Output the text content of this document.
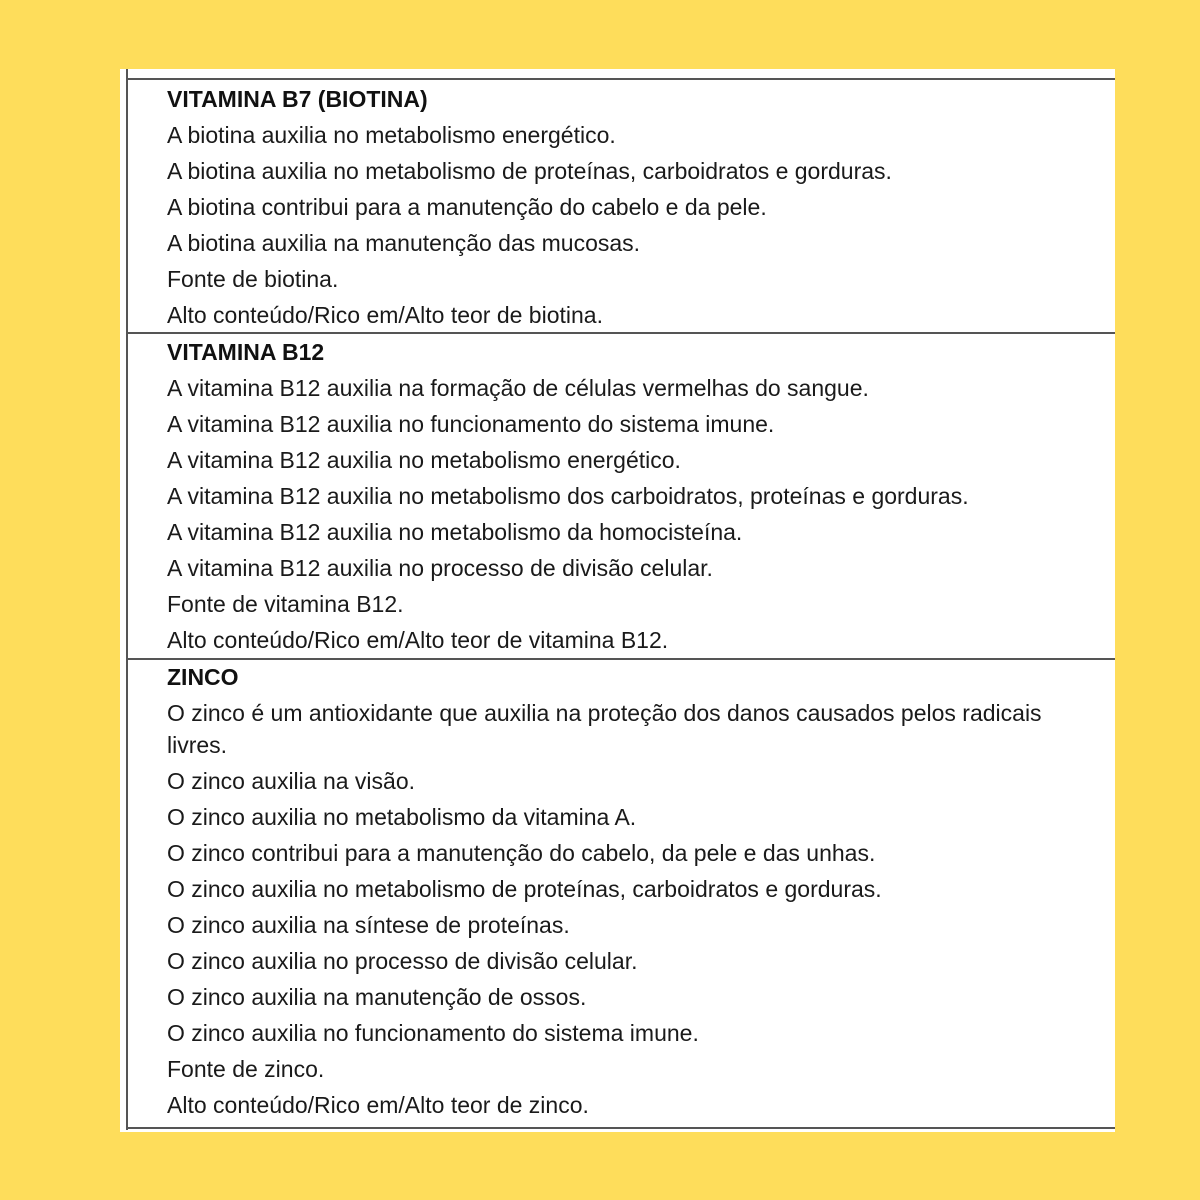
VITAMINA B7 (BIOTINA)
A biotina auxilia no metabolismo energético.
A biotina auxilia no metabolismo de proteínas, carboidratos e gorduras.
A biotina contribui para a manutenção do cabelo e da pele.
A biotina auxilia na manutenção das mucosas.
Fonte de biotina.
Alto conteúdo/Rico em/Alto teor de biotina.
VITAMINA B12
A vitamina B12 auxilia na formação de células vermelhas do sangue.
A vitamina B12 auxilia no funcionamento do sistema imune.
A vitamina B12 auxilia no metabolismo energético.
A vitamina B12 auxilia no metabolismo dos carboidratos, proteínas e gorduras.
A vitamina B12 auxilia no metabolismo da homocisteína.
A vitamina B12 auxilia no processo de divisão celular.
Fonte de vitamina B12.
Alto conteúdo/Rico em/Alto teor de vitamina B12.
ZINCO
O zinco é um antioxidante que auxilia na proteção dos danos causados pelos radicais livres.
O zinco auxilia na visão.
O zinco auxilia no metabolismo da vitamina A.
O zinco contribui para a manutenção do cabelo, da pele e das unhas.
O zinco auxilia no metabolismo de proteínas, carboidratos e gorduras.
O zinco auxilia na síntese de proteínas.
O zinco auxilia no processo de divisão celular.
O zinco auxilia na manutenção de ossos.
O zinco auxilia no funcionamento do sistema imune.
Fonte de zinco.
Alto conteúdo/Rico em/Alto teor de zinco.
